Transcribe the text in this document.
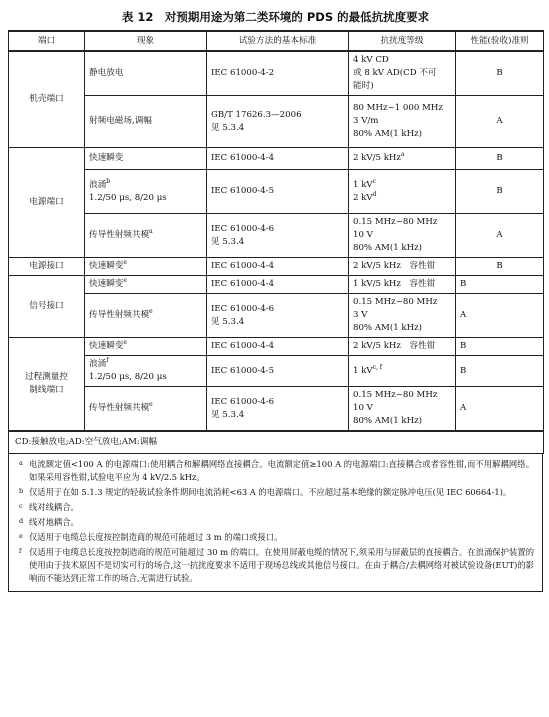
表 12　对预期用途为第二类环境的 PDS 的最低抗扰度要求
端口	现象	试验方法的基本标准	抗扰度等级	性能(验收)准则

机壳端口	静电放电	IEC 61000-4-2	4 kV CD
或 8 kV AD(CD 不可
能时)	B

	射频电磁场,调幅	GB/T 17626.3—2006
见 5.3.4	80 MHz~1 000 MHz
3 V/m
80% AM(1 kHz)	A

电源端口	快速瞬变	IEC 61000-4-4	2 kV/5 kHz$^a$	B

	浪涌$^b$
1.2/50 μs, 8/20 μs	IEC 61000-4-5	1 $kV^c$
2 $kV^d$	B

	传导性射频共模$^a$	IEC 61000-4-6
见 5.3.4	0.15 MHz~80 MHz
10 V
80% AM(1 kHz)	A

电源接口	快速瞬变$^e$	IEC 61000-4-4	2 kV/5 kHz　容性钳	B

信号接口	快速瞬变$^e$	IEC 61000-4-4	1 kV/5 kHz　容性钳	B

	传导性射频共模$^e$	IEC 61000-4-6
见 5.3.4	0.15 MHz~80 MHz
3 V
80% AM(1 kHz)	A

过程测量控
制线端口	快速瞬变$^e$	IEC 61000-4-4	2 kV/5 kHz　容性钳	B

	浪涌$^f$
1.2/50 μs, 8/20 μs	IEC 61000-4-5	1 kV$^{c, f}$	B

	传导性射频共模$^e$	IEC 61000-4-6
见 5.3.4	0.15 MHz~80 MHz
10 V
80% AM(1 kHz)	A
CD:接触放电;AD:空气放电;AM:调幅				
a 电流额定值<100 A 的电源端口:使用耦合和解耦网络直接耦合。电流额定值≥100 A 的电源端口:直接耦合或者容性钳,而不用解耦网络。如果采用容性钳,试验电平应为 4 kV/2.5 kHz。
b 仅适用于在如 5.1.3 规定的轻载试验条件期间电流消耗<63 A 的电源端口。不应超过基本绝缘的额定脉冲电压(见 IEC 60664-1)。
c 线对线耦合。
d 线对地耦合。
e 仅适用于电缆总长度按控制造商的规范可能超过 3 m 的端口或接口。
f 仅适用于电缆总长度按控制造商的规范可能超过 30 m 的端口。在使用屏蔽电缆的情况下,须采用与屏蔽层的直接耦合。在浪涌保护装置的使用由于技术原因不是切实可行的场合,这一抗扰度要求不适用于现场总线或其他信号接口。在由于耦合/去耦网络对被试验设备(EUT)的影响而不能达到正常工作的场合,无需进行试验。
